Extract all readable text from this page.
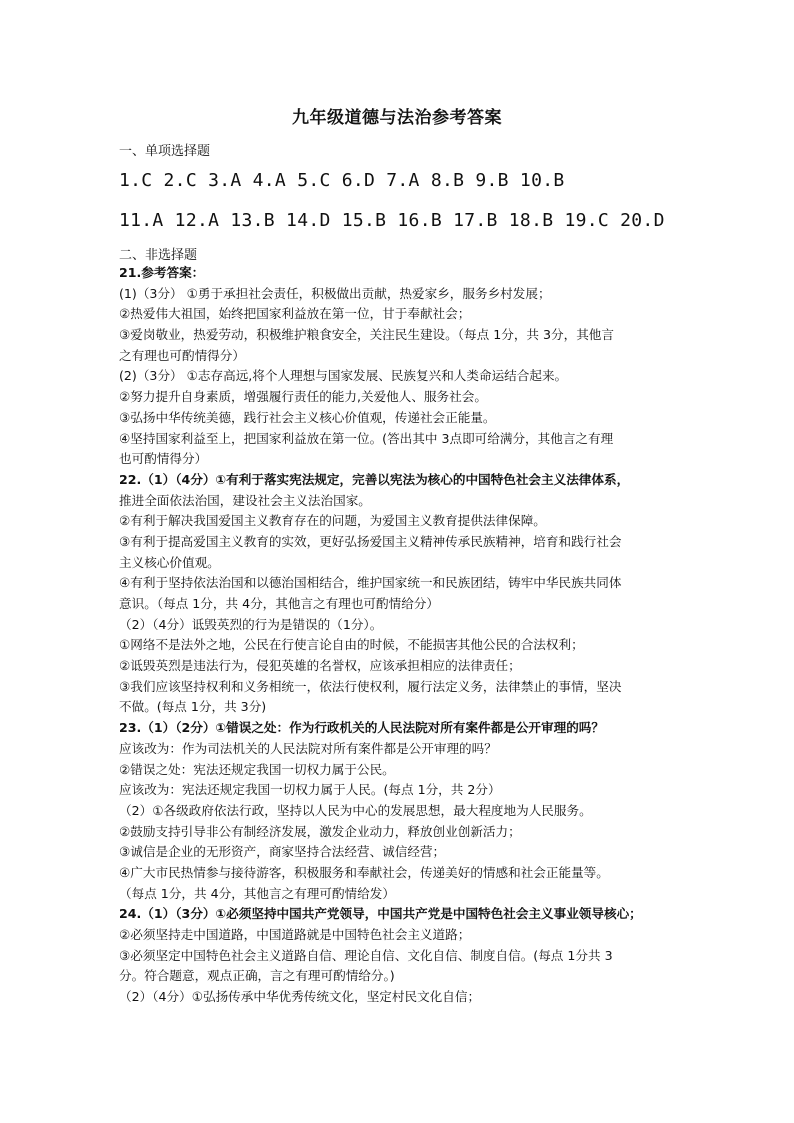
九年级道德与法治参考答案
一、单项选择题
1.C 2.C 3.A 4.A 5.C 6.D 7.A 8.B 9.B 10.B
11.A 12.A 13.B 14.D 15.B 16.B 17.B 18.B 19.C 20.D
二、非选择题
21.参考答案：
(1)（3分） ①勇于承担社会责任，积极做出贡献，热爱家乡，服务乡村发展；
②热爱伟大祖国，始终把国家利益放在第一位，甘于奉献社会；
③爱岗敬业，热爱劳动，积极维护粮食安全，关注民生建设。（每点 1分，共 3分，其他言
之有理也可酌情得分）
(2)（3分） ①志存高远,将个人理想与国家发展、民族复兴和人类命运结合起来。
②努力提升自身素质，增强履行责任的能力,关爱他人、服务社会。
③弘扬中华传统美德，践行社会主义核心价值观，传递社会正能量。
④坚持国家利益至上，把国家利益放在第一位。(答出其中 3点即可给满分，其他言之有理
也可酌情得分）
22.（1）（4分）①有利于落实宪法规定，完善以宪法为核心的中国特色社会主义法律体系，
推进全面依法治国，建设社会主义法治国家。
②有利于解决我国爱国主义教育存在的问题，为爱国主义教育提供法律保障。
③有利于提高爱国主义教育的实效，更好弘扬爱国主义精神传承民族精神，培育和践行社会
主义核心价值观。
④有利于坚持依法治国和以德治国相结合，维护国家统一和民族团结，铸牢中华民族共同体
意识。（每点 1分，共 4分，其他言之有理也可酌情给分）
（2）（4分）诋毁英烈的行为是错误的（1分）。
①网络不是法外之地，公民在行使言论自由的时候，不能损害其他公民的合法权利；
②诋毁英烈是违法行为，侵犯英雄的名誉权，应该承担相应的法律责任；
③我们应该坚持权利和义务相统一，依法行使权利，履行法定义务，法律禁止的事情，坚决
不做。(每点 1分，共 3分)
23.（1）（2分）①错误之处：作为行政机关的人民法院对所有案件都是公开审理的吗？
应该改为：作为司法机关的人民法院对所有案件都是公开审理的吗？
②错误之处：宪法还规定我国一切权力属于公民。
应该改为：宪法还规定我国一切权力属于人民。(每点 1分，共 2分）
（2）①各级政府依法行政，坚持以人民为中心的发展思想，最大程度地为人民服务。
②鼓励支持引导非公有制经济发展，激发企业动力，释放创业创新活力；
③诚信是企业的无形资产，商家坚持合法经营、诚信经营；
④广大市民热情参与接待游客，积极服务和奉献社会，传递美好的情感和社会正能量等。
（每点 1分，共 4分，其他言之有理可酌情给发）
24.（1）（3分）①必须坚持中国共产党领导，中国共产党是中国特色社会主义事业领导核心；
②必须坚持走中国道路，中国道路就是中国特色社会主义道路；
③必须坚定中国特色社会主义道路自信、理论自信、文化自信、制度自信。(每点 1分共 3
分。符合题意，观点正确，言之有理可酌情给分。)
（2）（4分）①弘扬传承中华优秀传统文化，坚定村民文化自信；
